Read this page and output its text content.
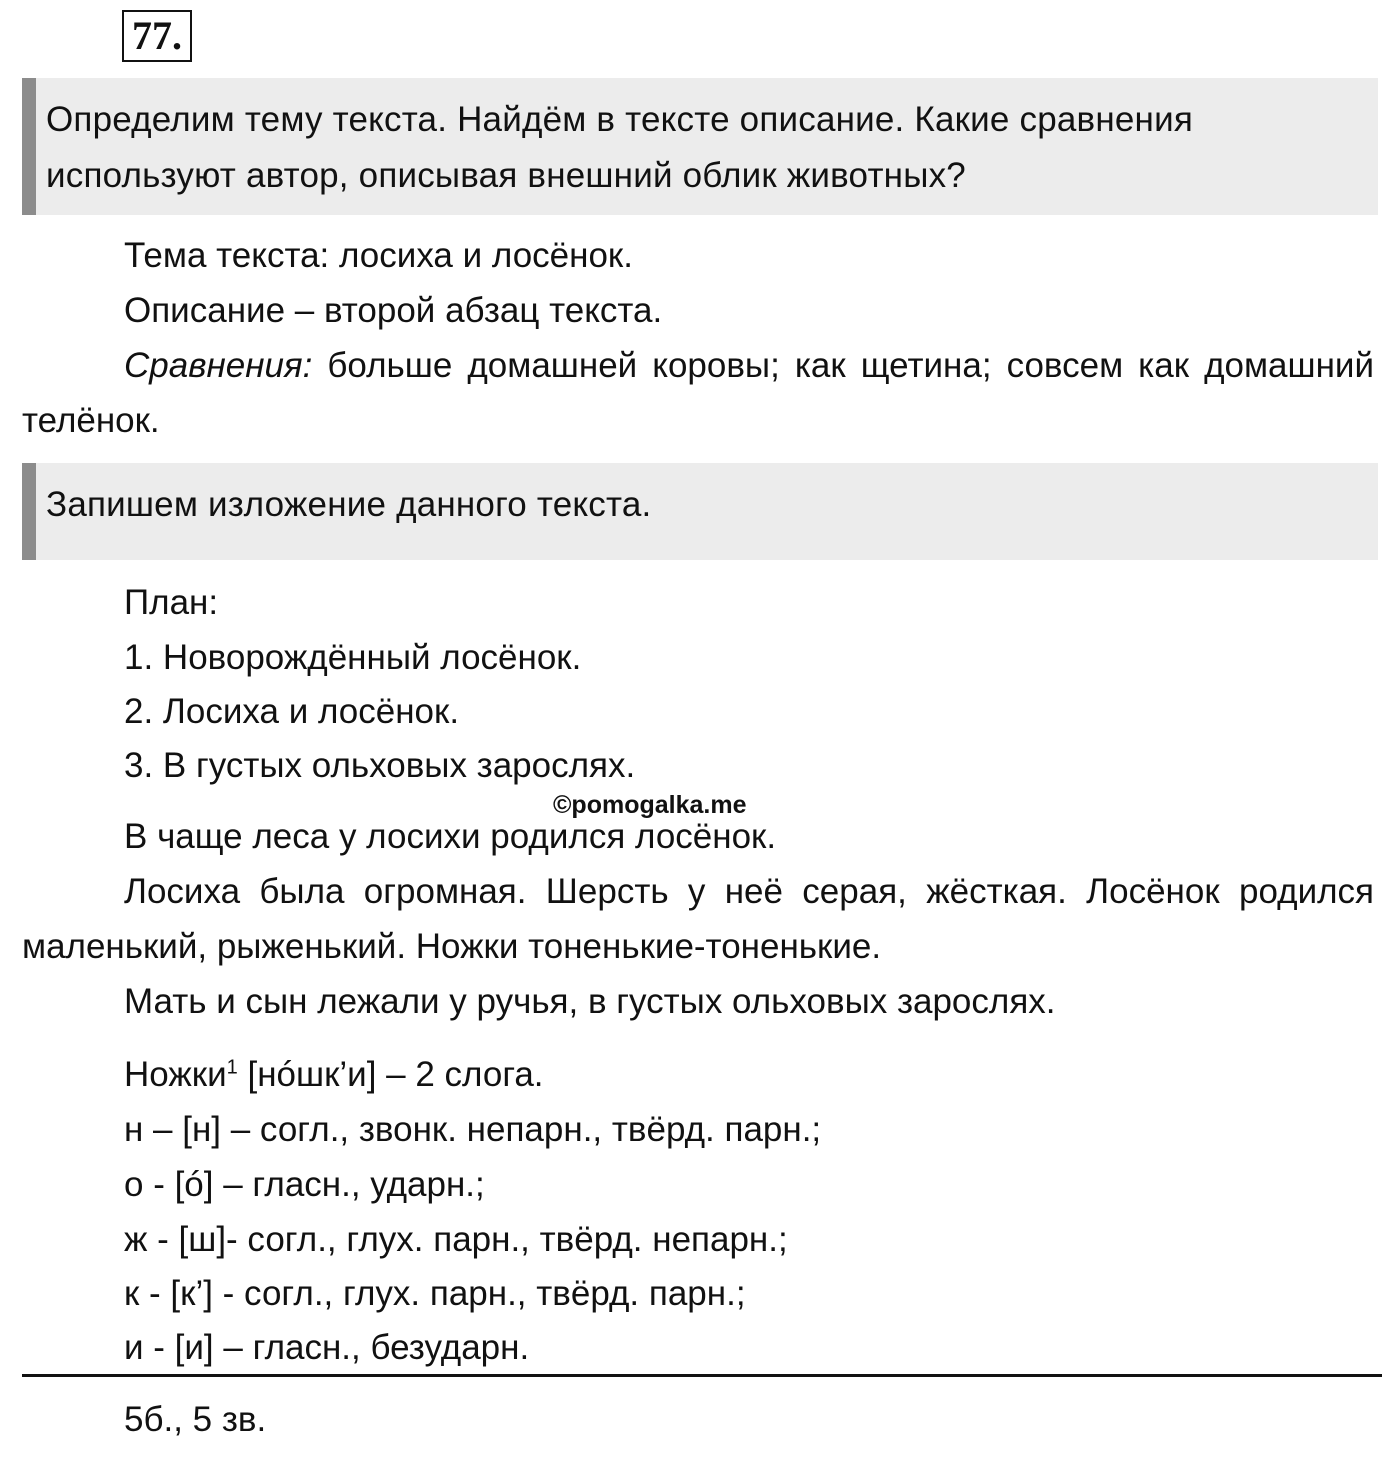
77.
Определим тему текста. Найдём в тексте описание. Какие сравнения используют автор, описывая внешний облик животных?

Тема текста: лосиха и лосёнок.

Описание – второй абзац текста.

Сравнения: больше домашней коровы; как щетина; совсем как домашний телёнок.

Запишем изложение данного текста.

План:

1. Новорождённый лосёнок.

2. Лосиха и лосёнок.

3. В густых ольховых зарослях.

©pomogalka.me

В чаще леса у лосихи родился лосёнок.

Лосиха была огромная. Шерсть у неё серая, жёсткая. Лосёнок родился маленький, рыженький. Ножки тоненькие-тоненькие.

Мать и сын лежали у ручья, в густых ольховых зарослях.

Ножки$^1$ [нóшк’и] – 2 слога.

н – [н] – согл., звонк. непарн., твёрд. парн.;

о - [ó] – гласн., ударн.;

ж - [ш]- согл., глух. парн., твёрд. непарн.;

к - [к’] - согл., глух. парн., твёрд. парн.;

и - [и] – гласн., безударн.

5б., 5 зв.
